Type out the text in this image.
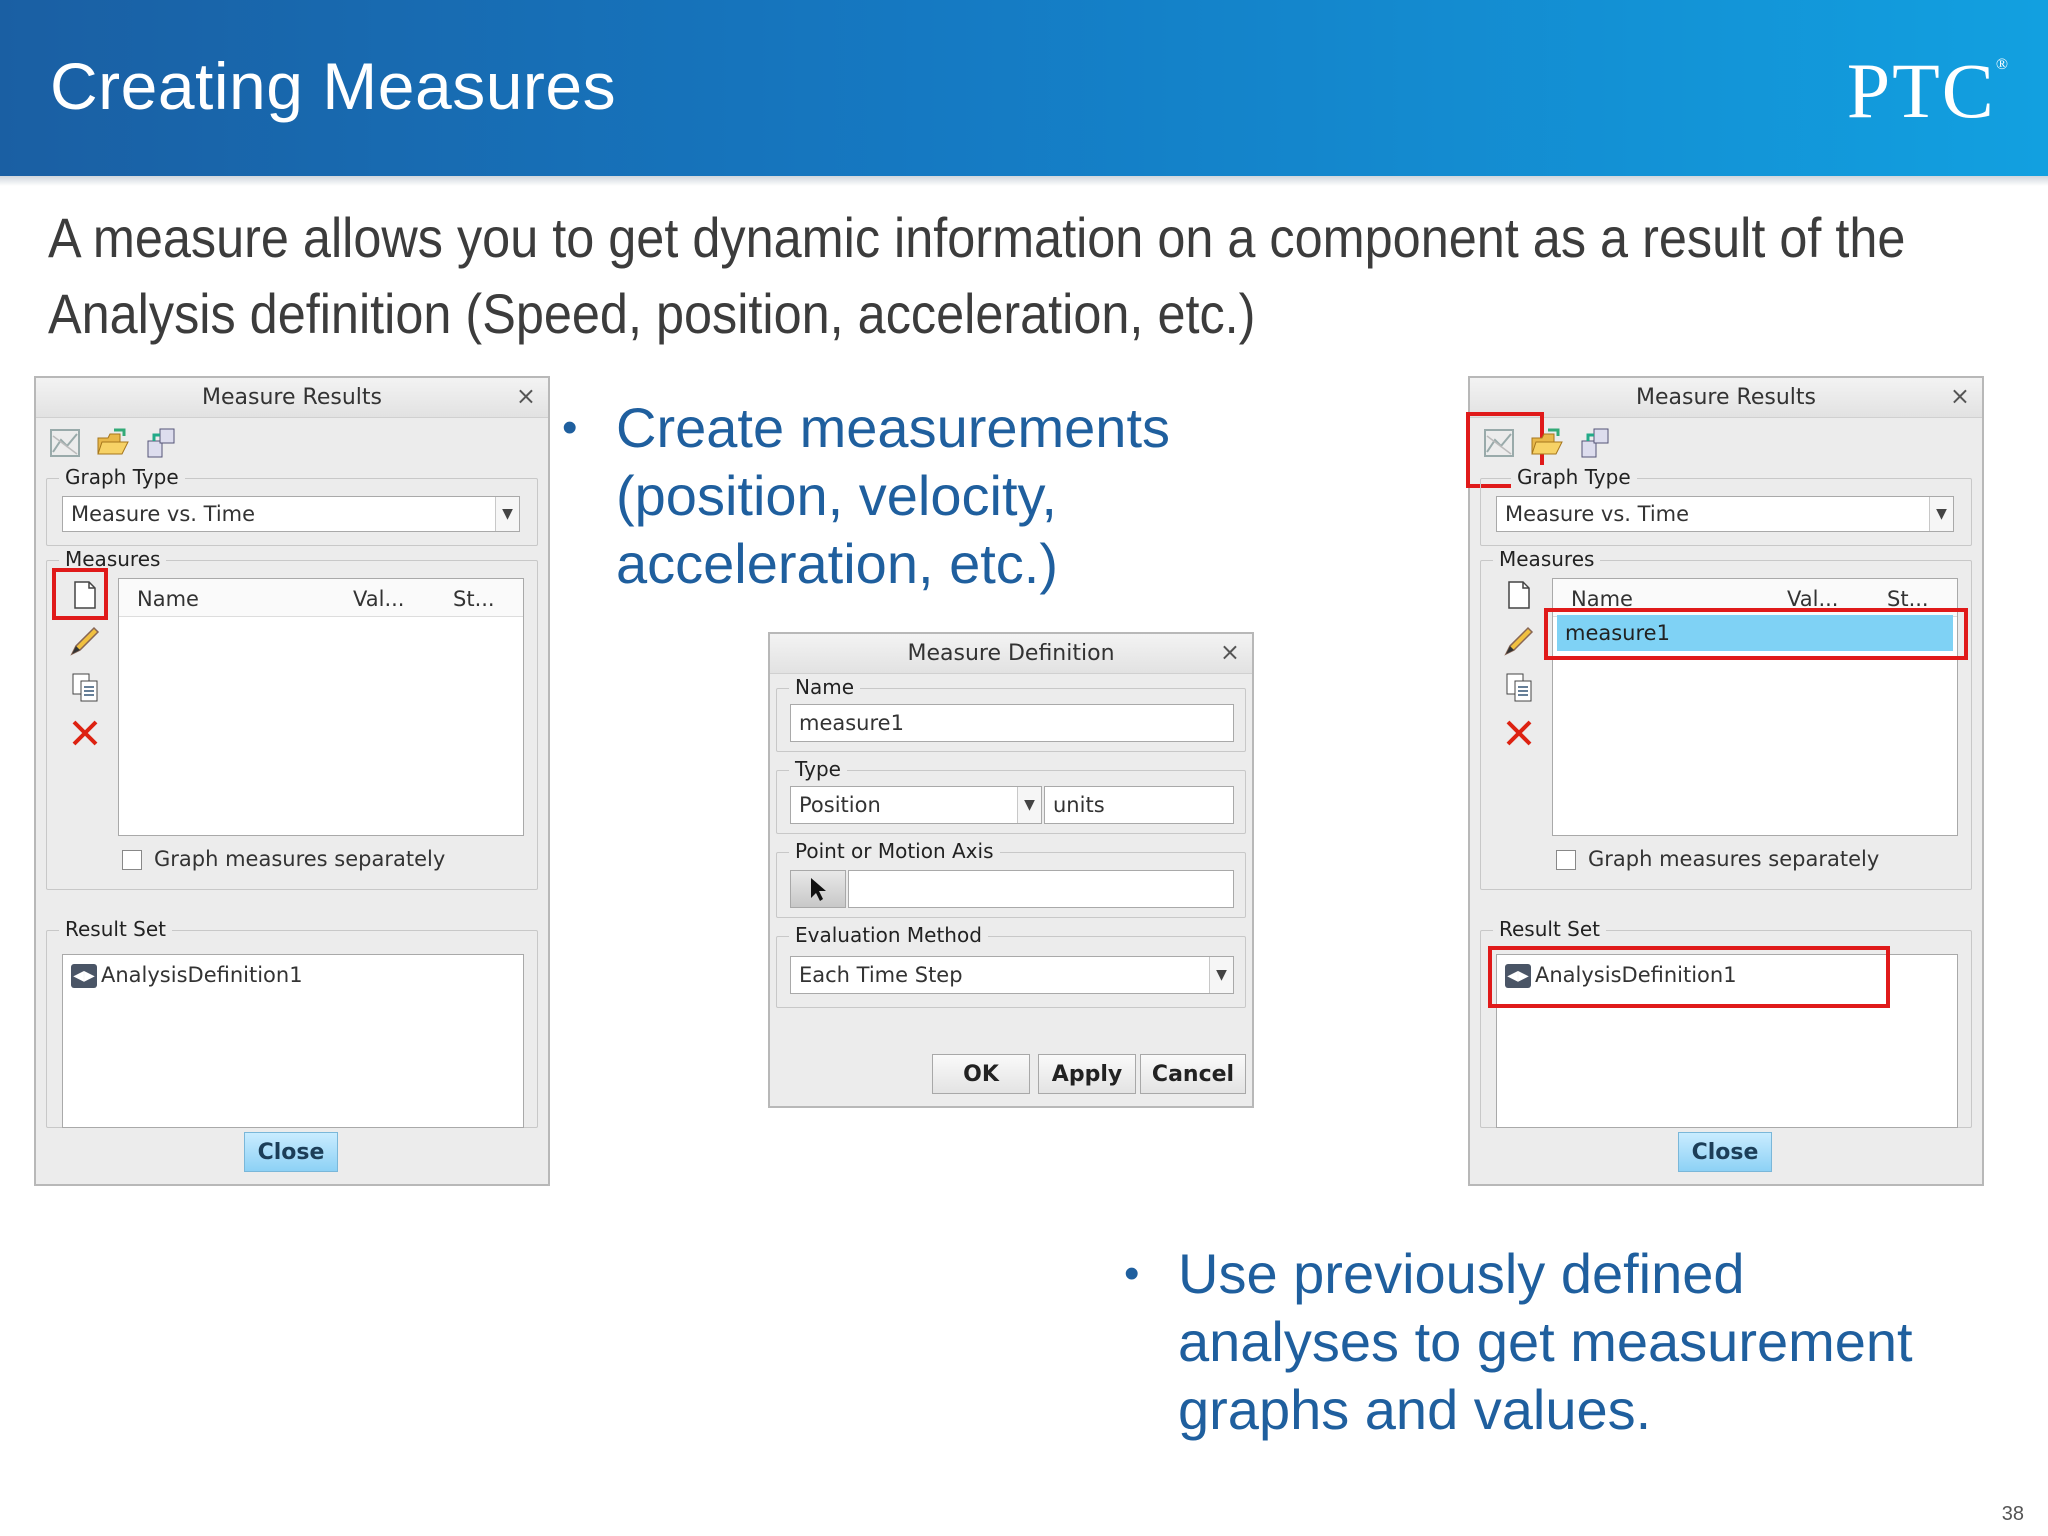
Creating Measures	PTC®
A measure allows you to get dynamic information on a component as a result of the Analysis definition (Speed, position, acceleration, etc.)
• Create measurements
(position, velocity,
acceleration, etc.)
• Use previously defined
analyses to get measurement
graphs and values.
Measure Results	×
Graph Type
Measure vs. Time	▼
Measures
Name	Val... St...
Graph measures separately
Result Set
◀▶ AnalysisDefinition1
Close
Measure Definition	×
Name
measure1
Type
Position	▼ units
Point or Motion Axis
Evaluation Method
Each Time Step	▼
OK	Apply	Cancel
Measure Results	×
Graph Type
Measure vs. Time	▼
Measures
Name	Val... St...
measure1
Graph measures separately
Result Set
◀▶ AnalysisDefinition1
Close
38
